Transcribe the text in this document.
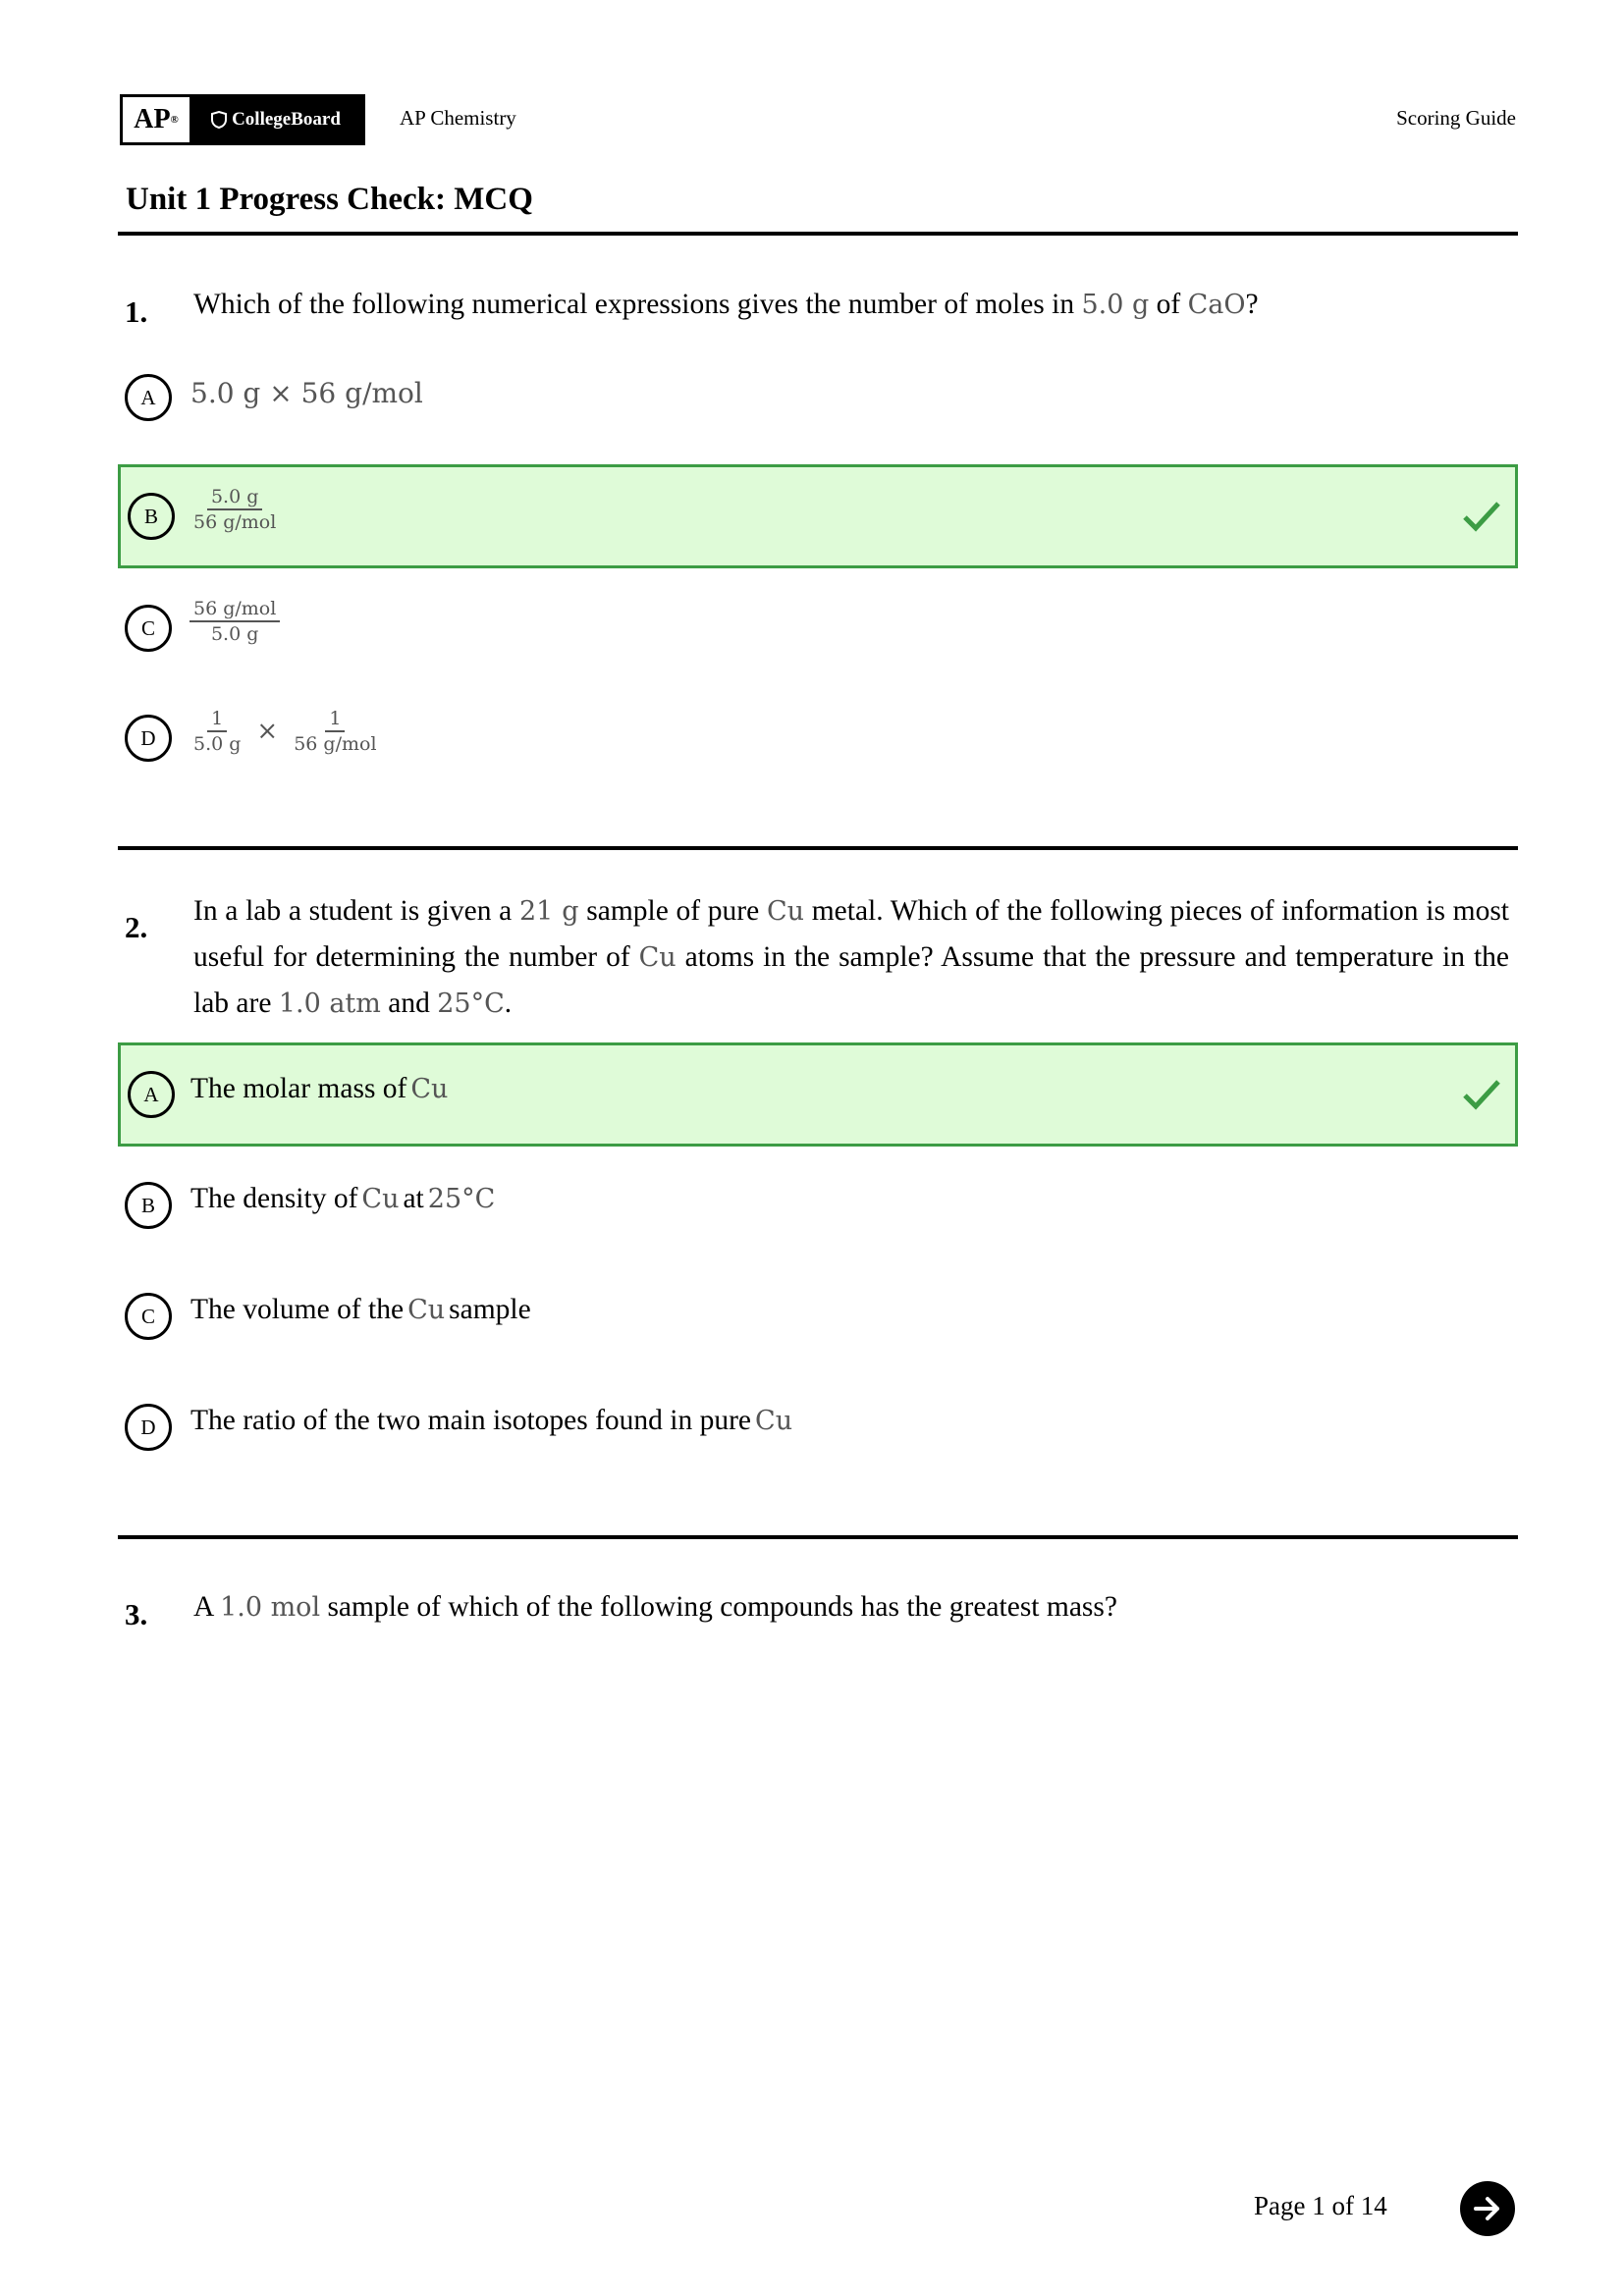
AP ®	CollegeBoard	AP Chemistry	Scoring Guide
Unit 1 Progress Check: MCQ
1. Which of the following numerical expressions gives the number of moles in 5.0 g of CaO?
A	5.0 g × 56 g/mol
B	$\frac{5.0 g}{\text{56 g/mol}}$
C	$\frac{\text{56 g/mol}}{5.0 g}$
D	$\frac{1}{5.0 g} \times \frac{1}{\text{56 g/mol}}$
2. In a lab a student is given a 21 g sample of pure Cu metal. Which of the following pieces of information is most useful for determining the number of Cu atoms in the sample? Assume that the pressure and temperature in the lab are 1.0 atm and 25°C.
A	The molar mass of Cu
B	The density of Cu at 25°C
C	The volume of the Cu sample
D	The ratio of the two main isotopes found in pure Cu
3. A 1.0 mol sample of which of the following compounds has the greatest mass?
Page 1 of 14
